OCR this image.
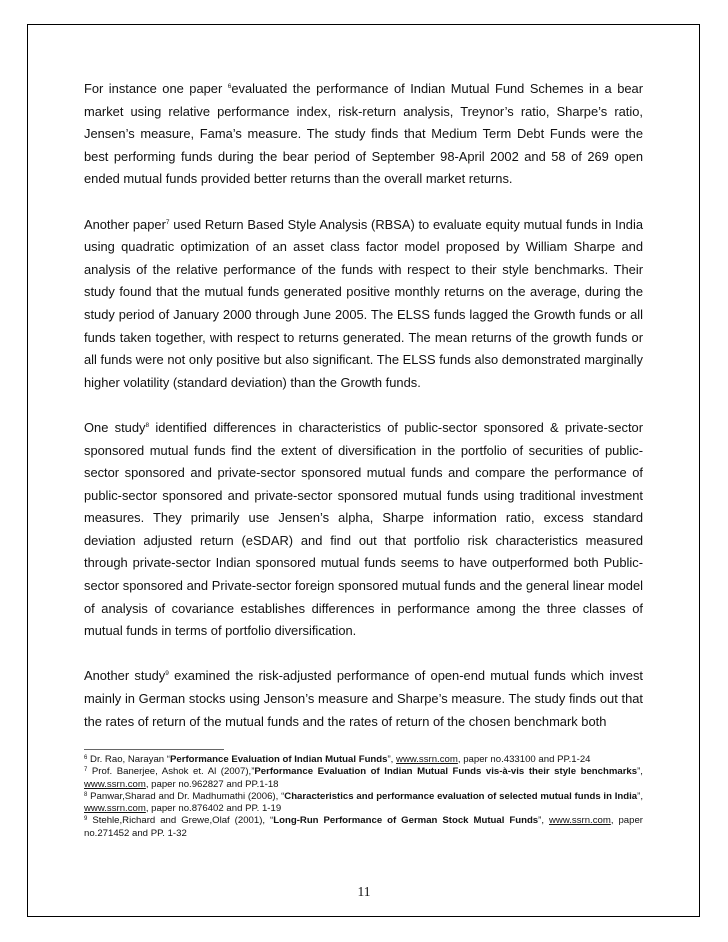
For instance one paper $^6$evaluated the performance of Indian Mutual Fund Schemes in a bear market using relative performance index, risk-return analysis, Treynor’s ratio, Sharpe’s ratio, Jensen’s measure, Fama’s measure. The study finds that Medium Term Debt Funds were the best performing funds during the bear period of September 98-April 2002 and 58 of 269 open ended mutual funds provided better returns than the overall market returns.

Another paper$^7$ used Return Based Style Analysis (RBSA) to evaluate equity mutual funds in India using quadratic optimization of an asset class factor model proposed by William Sharpe and analysis of the relative performance of the funds with respect to their style benchmarks. Their study found that the mutual funds generated positive monthly returns on the average, during the study period of January 2000 through June 2005. The ELSS funds lagged the Growth funds or all funds taken together, with respect to returns generated. The mean returns of the growth funds or all funds were not only positive but also significant. The ELSS funds also demonstrated marginally higher volatility (standard deviation) than the Growth funds.

One study$^8$ identified differences in characteristics of public-sector sponsored & private-sector sponsored mutual funds find the extent of diversification in the portfolio of securities of public-sector sponsored and private-sector sponsored mutual funds and compare the performance of public-sector sponsored and private-sector sponsored mutual funds using traditional investment measures. They primarily use Jensen’s alpha, Sharpe information ratio, excess standard deviation adjusted return (eSDAR) and find out that portfolio risk characteristics measured through private-sector Indian sponsored mutual funds seems to have outperformed both Public-sector sponsored and Private-sector foreign sponsored mutual funds and the general linear model of analysis of covariance establishes differences in performance among the three classes of mutual funds in terms of portfolio diversification.

Another study$^9$ examined the risk-adjusted performance of open-end mutual funds which invest mainly in German stocks using Jenson’s measure and Sharpe’s measure. The study finds out that the rates of return of the mutual funds and the rates of return of the chosen benchmark both

$^6$ Dr. Rao, Narayan “Performance Evaluation of Indian Mutual Funds”, www.ssrn.com, paper no.433100 and PP.1-24

$^7$ Prof. Banerjee, Ashok et. Al (2007),”Performance Evaluation of Indian Mutual Funds vis-à-vis their style benchmarks”, www.ssrn.com, paper no.962827 and PP.1-18

$^8$ Panwar,Sharad and Dr. Madhumathi (2006), “Characteristics and performance evaluation of selected mutual funds in India”, www.ssrn.com, paper no.876402 and PP. 1-19

$^9$ Stehle,Richard and Grewe,Olaf (2001), “Long-Run Performance of German Stock Mutual Funds”, www.ssrn.com, paper no.271452 and PP. 1-32

11
